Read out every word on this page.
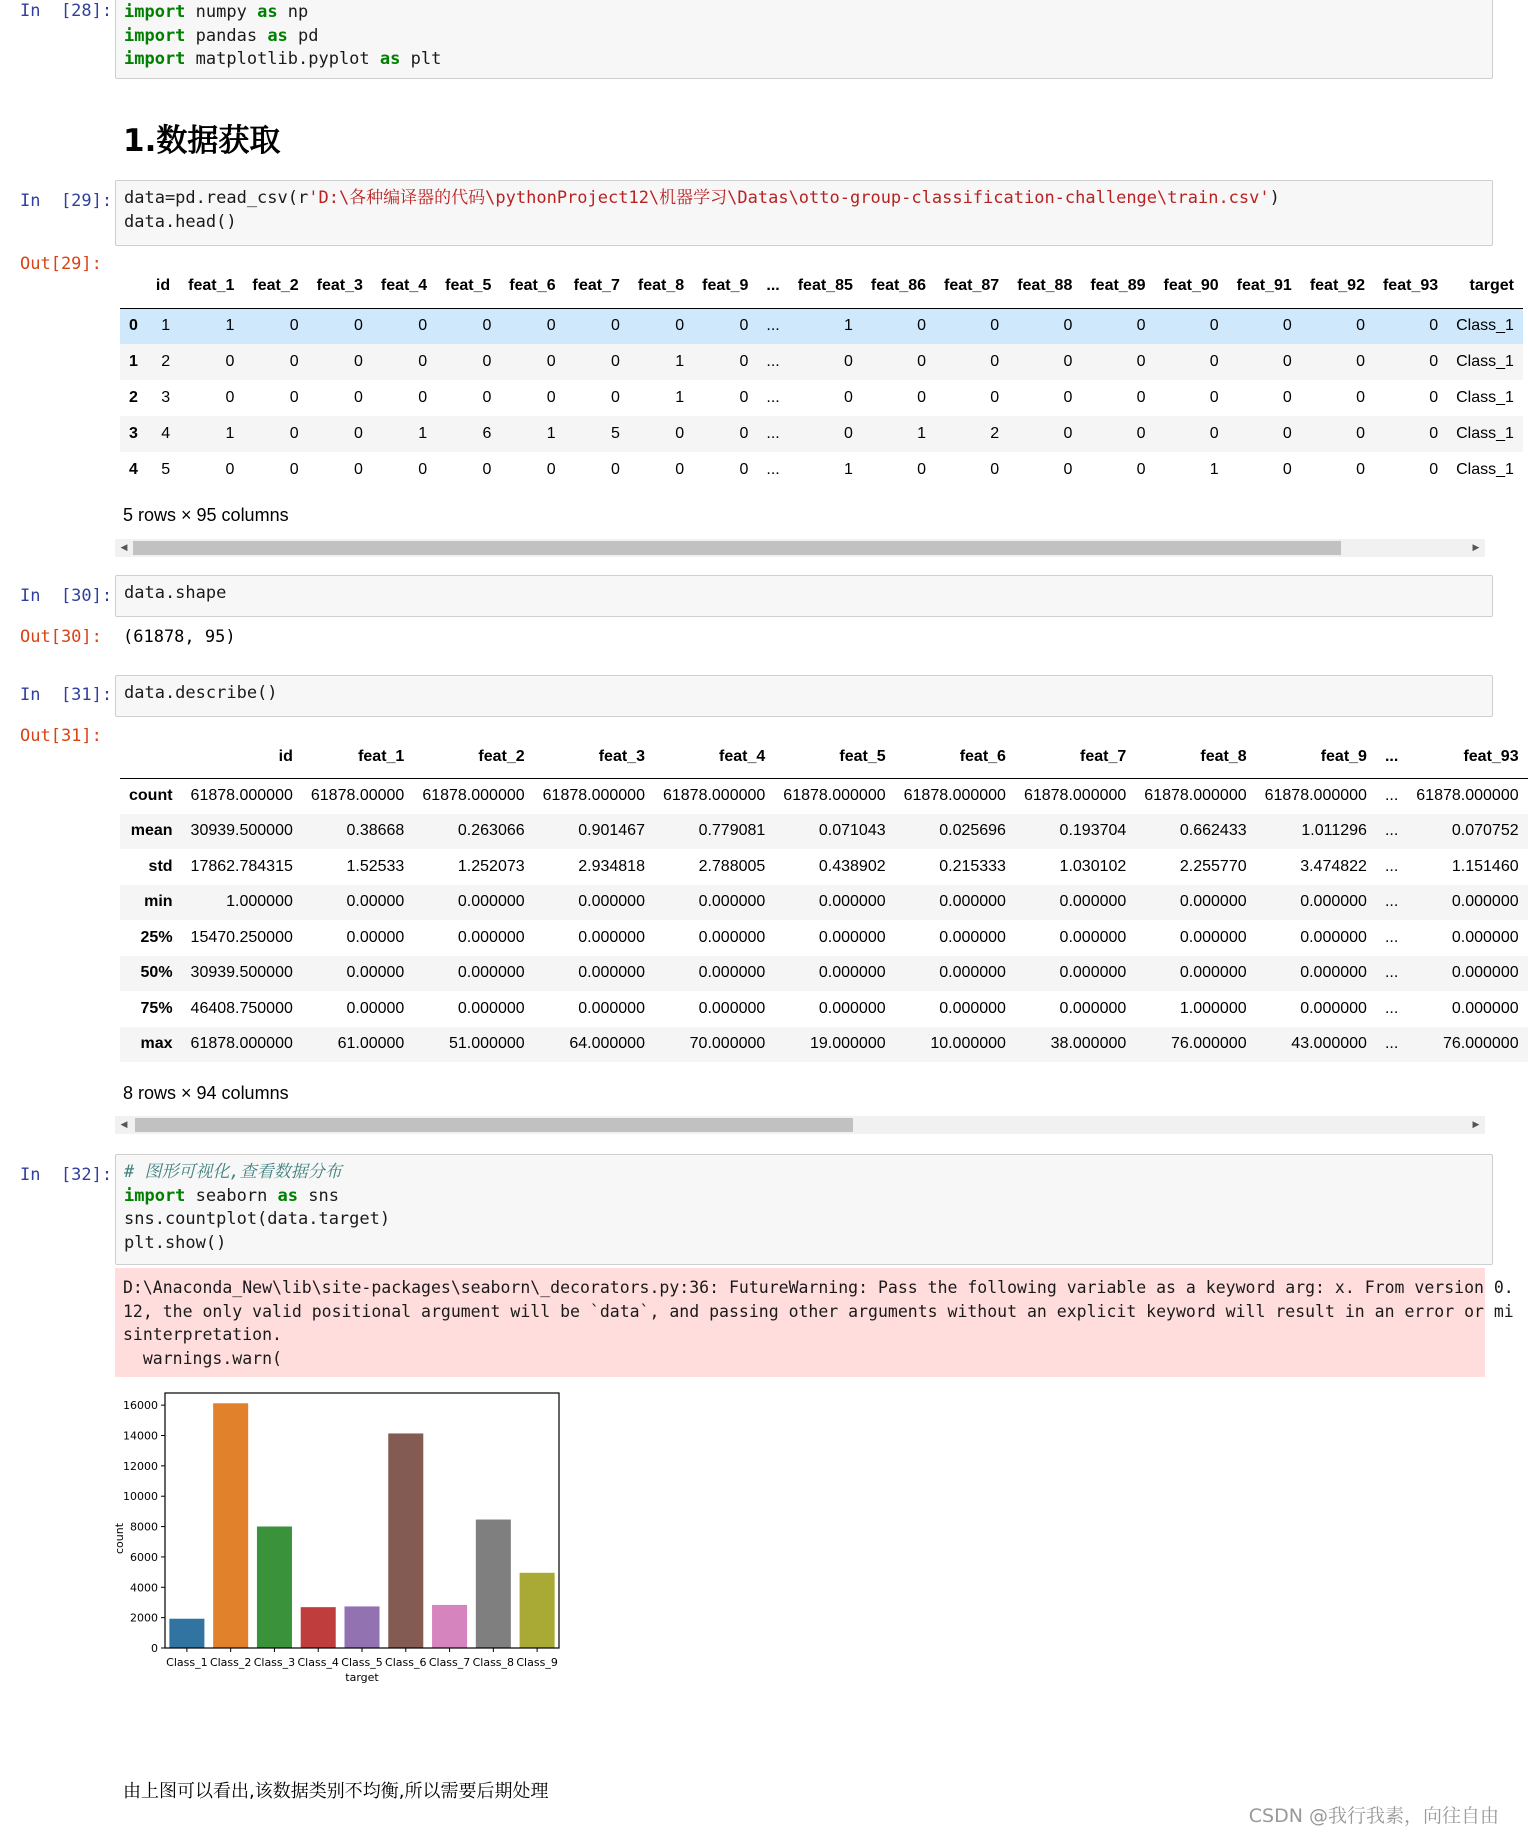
In  [28]: import numpy as np
import pandas as pd
import matplotlib.pyplot as plt
1.数据获取
In  [29]: data=pd.read_csv(r'D:\各种编译器的代码\pythonProject12\机器学习\Datas\otto-group-classification-challenge\train.csv')
data.head()
Out[29]:
	id	feat_1	feat_2	feat_3	feat_4	feat_5	feat_6	feat_7	feat_8	feat_9	...	feat_85	feat_86	feat_87	feat_88	feat_89	feat_90	feat_91	feat_92	feat_93	target
0	1	1	0	0	0	0	0	0	0	0	...	1	0	0	0	0	0	0	0	0	Class_1
1	2	0	0	0	0	0	0	0	1	0	...	0	0	0	0	0	0	0	0	0	Class_1
2	3	0	0	0	0	0	0	0	1	0	...	0	0	0	0	0	0	0	0	0	Class_1
3	4	1	0	0	1	6	1	5	0	0	...	0	1	2	0	0	0	0	0	0	Class_1
4	5	0	0	0	0	0	0	0	0	0	...	1	0	0	0	0	1	0	0	0	Class_1
5 rows × 95 columns
◀	▶
In  [30]: data.shape
Out[30]:	(61878, 95)
In  [31]: data.describe()
Out[31]:
	id	feat_1	feat_2	feat_3	feat_4	feat_5	feat_6	feat_7	feat_8	feat_9	...	feat_93
count	61878.000000	61878.00000	61878.000000	61878.000000	61878.000000	61878.000000	61878.000000	61878.000000	61878.000000	61878.000000	...	61878.000000
mean	30939.500000	0.38668	0.263066	0.901467	0.779081	0.071043	0.025696	0.193704	0.662433	1.011296	...	0.070752
std	17862.784315	1.52533	1.252073	2.934818	2.788005	0.438902	0.215333	1.030102	2.255770	3.474822	...	1.151460
min	1.000000	0.00000	0.000000	0.000000	0.000000	0.000000	0.000000	0.000000	0.000000	0.000000	...	0.000000
25%	15470.250000	0.00000	0.000000	0.000000	0.000000	0.000000	0.000000	0.000000	0.000000	0.000000	...	0.000000
50%	30939.500000	0.00000	0.000000	0.000000	0.000000	0.000000	0.000000	0.000000	0.000000	0.000000	...	0.000000
75%	46408.750000	0.00000	0.000000	0.000000	0.000000	0.000000	0.000000	0.000000	1.000000	0.000000	...	0.000000
max	61878.000000	61.00000	51.000000	64.000000	70.000000	19.000000	10.000000	38.000000	76.000000	43.000000	...	76.000000
8 rows × 94 columns
◀	▶
In  [32]: # 图形可视化,查看数据分布
import seaborn as sns
sns.countplot(data.target)
plt.show()
D:\Anaconda_New\lib\site-packages\seaborn\_decorators.py:36: FutureWarning: Pass the following variable as a keyword arg: x. From version 0.
12, the only valid positional argument will be `data`, and passing other arguments without an explicit keyword will result in an error or mi
sinterpretation.
warnings.warn(
0
2000
4000
6000
8000
10000
12000
14000
16000
Class_1 Class_2 Class_3 Class_4 Class_5 Class_6 Class_7 Class_8 Class_9
target
count
由上图可以看出,该数据类别不均衡,所以需要后期处理
CSDN @我行我素，向往自由
